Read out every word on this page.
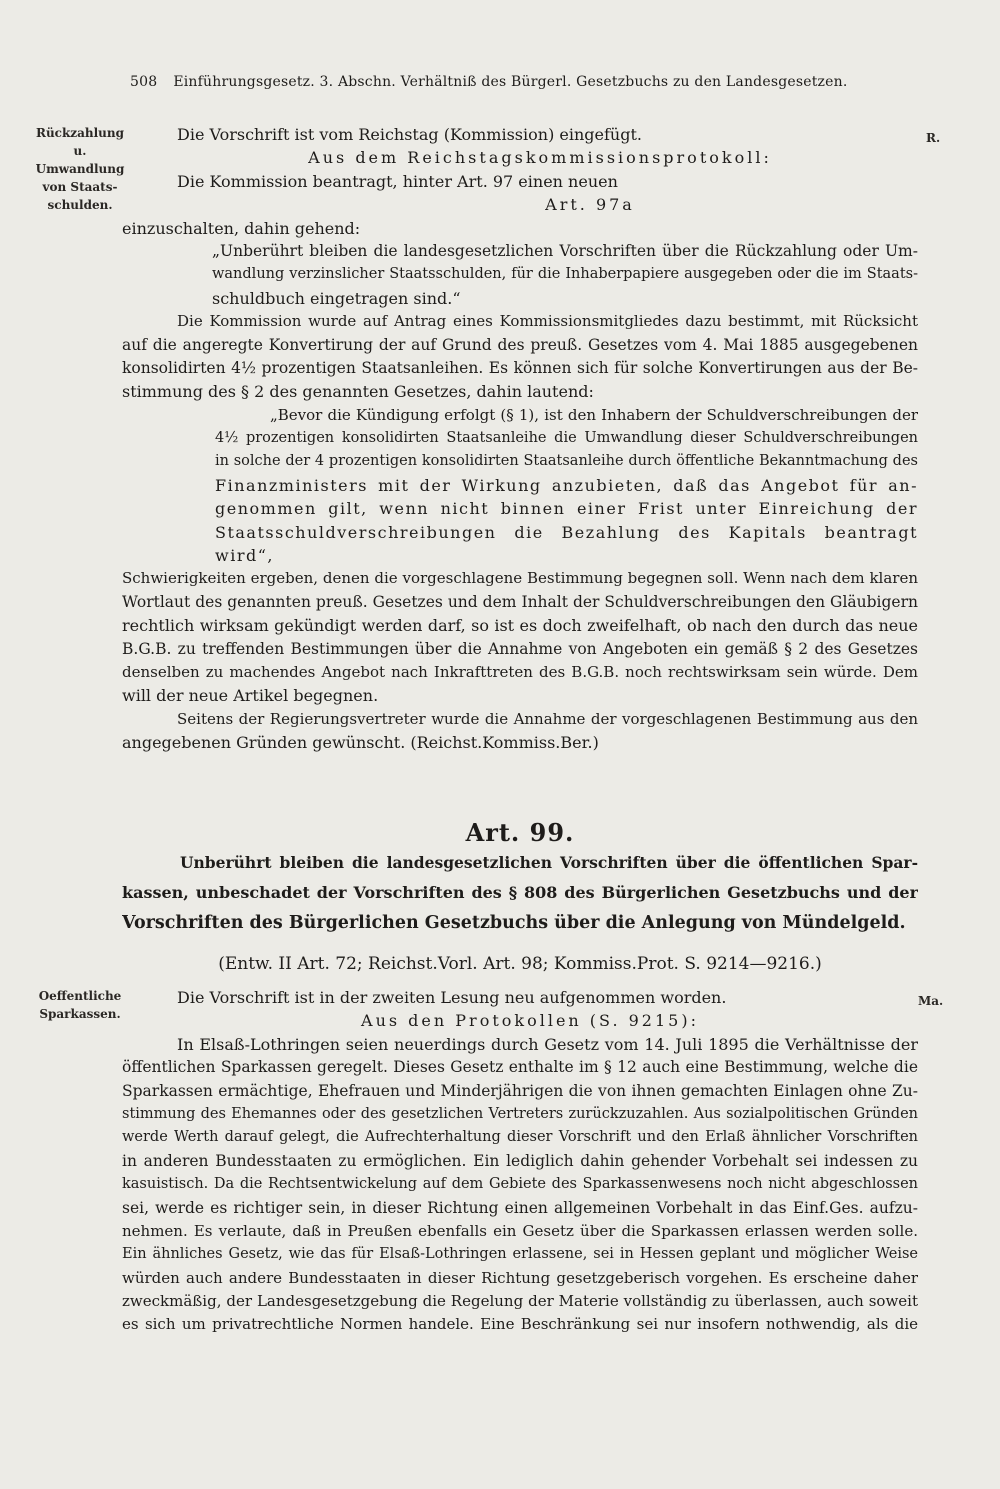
508 Einführungsgesetz. 3. Abschn. Verhältniß des Bürgerl. Gesetzbuchs zu den Landesgesetzen.
Rückzahlung u.
Umwandlung
von Staats-
schulden.
R.
Die Vorschrift ist vom Reichstag (Kommission) eingefügt.
Aus dem Reichstagskommissionsprotokoll:
Die Kommission beantragt, hinter Art. 97 einen neuen
Art. 97a
einzuschalten, dahin gehend:
„Unberührt bleiben die landesgesetzlichen Vorschriften über die Rückzahlung oder Um-
wandlung verzinslicher Staatsschulden, für die Inhaberpapiere ausgegeben oder die im Staats-
schuldbuch eingetragen sind.“
Die Kommission wurde auf Antrag eines Kommissionsmitgliedes dazu bestimmt, mit Rücksicht
auf die angeregte Konvertirung der auf Grund des preuß. Gesetzes vom 4. Mai 1885 ausgegebenen
konsolidirten 4½ prozentigen Staatsanleihen. Es können sich für solche Konvertirungen aus der Be-
stimmung des § 2 des genannten Gesetzes, dahin lautend:
„Bevor die Kündigung erfolgt (§ 1), ist den Inhabern der Schuldverschreibungen der
4½ prozentigen konsolidirten Staatsanleihe die Umwandlung dieser Schuldverschreibungen
in solche der 4 prozentigen konsolidirten Staatsanleihe durch öffentliche Bekanntmachung des
Finanzministers mit der Wirkung anzubieten, daß das Angebot für an-
genommen gilt, wenn nicht binnen einer Frist unter Einreichung der
Staatsschuldverschreibungen die Bezahlung des Kapitals beantragt
wird“,
Schwierigkeiten ergeben, denen die vorgeschlagene Bestimmung begegnen soll. Wenn nach dem klaren
Wortlaut des genannten preuß. Gesetzes und dem Inhalt der Schuldverschreibungen den Gläubigern
rechtlich wirksam gekündigt werden darf, so ist es doch zweifelhaft, ob nach den durch das neue
B.G.B. zu treffenden Bestimmungen über die Annahme von Angeboten ein gemäß § 2 des Gesetzes
denselben zu machendes Angebot nach Inkrafttreten des B.G.B. noch rechtswirksam sein würde. Dem
will der neue Artikel begegnen.
Seitens der Regierungsvertreter wurde die Annahme der vorgeschlagenen Bestimmung aus den
angegebenen Gründen gewünscht. (Reichst.Kommiss.Ber.)
Art. 99.
Unberührt bleiben die landesgesetzlichen Vorschriften über die öffentlichen Spar-
kassen, unbeschadet der Vorschriften des § 808 des Bürgerlichen Gesetzbuchs und der
Vorschriften des Bürgerlichen Gesetzbuchs über die Anlegung von Mündelgeld.
(Entw. II Art. 72; Reichst.Vorl. Art. 98; Kommiss.Prot. S. 9214—9216.)
Oeffentliche
Sparkassen.
Ma.
Die Vorschrift ist in der zweiten Lesung neu aufgenommen worden.
Aus den Protokollen (S. 9215):
In Elsaß-Lothringen seien neuerdings durch Gesetz vom 14. Juli 1895 die Verhältnisse der
öffentlichen Sparkassen geregelt. Dieses Gesetz enthalte im § 12 auch eine Bestimmung, welche die
Sparkassen ermächtige, Ehefrauen und Minderjährigen die von ihnen gemachten Einlagen ohne Zu-
stimmung des Ehemannes oder des gesetzlichen Vertreters zurückzuzahlen. Aus sozialpolitischen Gründen
werde Werth darauf gelegt, die Aufrechterhaltung dieser Vorschrift und den Erlaß ähnlicher Vorschriften
in anderen Bundesstaaten zu ermöglichen. Ein lediglich dahin gehender Vorbehalt sei indessen zu
kasuistisch. Da die Rechtsentwickelung auf dem Gebiete des Sparkassenwesens noch nicht abgeschlossen
sei, werde es richtiger sein, in dieser Richtung einen allgemeinen Vorbehalt in das Einf.Ges. aufzu-
nehmen. Es verlaute, daß in Preußen ebenfalls ein Gesetz über die Sparkassen erlassen werden solle.
Ein ähnliches Gesetz, wie das für Elsaß-Lothringen erlassene, sei in Hessen geplant und möglicher Weise
würden auch andere Bundesstaaten in dieser Richtung gesetzgeberisch vorgehen. Es erscheine daher
zweckmäßig, der Landesgesetzgebung die Regelung der Materie vollständig zu überlassen, auch soweit
es sich um privatrechtliche Normen handele. Eine Beschränkung sei nur insofern nothwendig, als die
